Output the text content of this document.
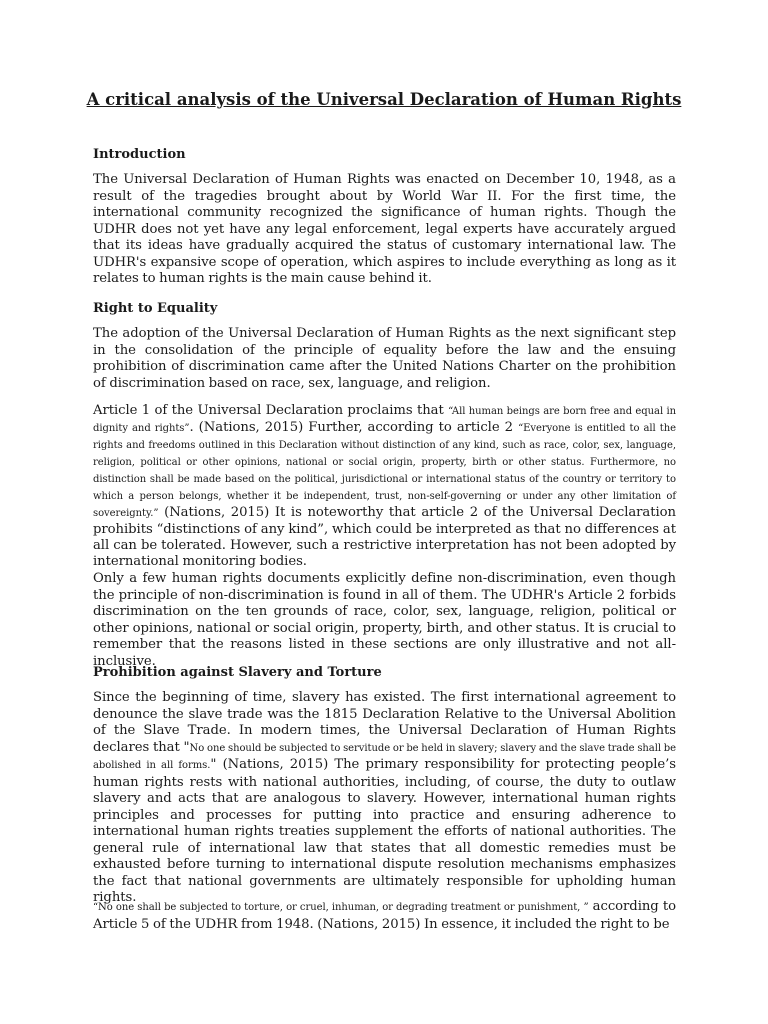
A critical analysis of the Universal Declaration of Human Rights
Introduction
The Universal Declaration of Human Rights was enacted on December 10, 1948, as a result of the tragedies brought about by World War II. For the first time, the international community recognized the significance of human rights. Though the UDHR does not yet have any legal enforcement, legal experts have accurately argued that its ideas have gradually acquired the status of customary international law. The UDHR's expansive scope of operation, which aspires to include everything as long as it relates to human rights is the main cause behind it.
Right to Equality
The adoption of the Universal Declaration of Human Rights as the next significant step in the consolidation of the principle of equality before the law and the ensuing prohibition of discrimination came after the United Nations Charter on the prohibition of discrimination based on race, sex, language, and religion.
Article 1 of the Universal Declaration proclaims that “All human beings are born free and equal in dignity and rights”. (Nations, 2015) Further, according to article 2 “Everyone is entitled to all the rights and freedoms outlined in this Declaration without distinction of any kind, such as race, color, sex, language, religion, political or other opinions, national or social origin, property, birth or other status. Furthermore, no distinction shall be made based on the political, jurisdictional or international status of the country or territory to which a person belongs, whether it be independent, trust, non-self-governing or under any other limitation of sovereignty.” (Nations, 2015) It is noteworthy that article 2 of the Universal Declaration prohibits “distinctions of any kind”, which could be interpreted as that no differences at all can be tolerated. However, such a restrictive interpretation has not been adopted by international monitoring bodies.
Only a few human rights documents explicitly define non-discrimination, even though the principle of non-discrimination is found in all of them. The UDHR's Article 2 forbids discrimination on the ten grounds of race, color, sex, language, religion, political or other opinions, national or social origin, property, birth, and other status. It is crucial to remember that the reasons listed in these sections are only illustrative and not all-inclusive.
Prohibition against Slavery and Torture
Since the beginning of time, slavery has existed. The first international agreement to denounce the slave trade was the 1815 Declaration Relative to the Universal Abolition of the Slave Trade. In modern times, the Universal Declaration of Human Rights declares that "No one should be subjected to servitude or be held in slavery; slavery and the slave trade shall be abolished in all forms." (Nations, 2015) The primary responsibility for protecting people’s human rights rests with national authorities, including, of course, the duty to outlaw slavery and acts that are analogous to slavery. However, international human rights principles and processes for putting into practice and ensuring adherence to international human rights treaties supplement the efforts of national authorities. The general rule of international law that states that all domestic remedies must be exhausted before turning to international dispute resolution mechanisms emphasizes the fact that national governments are ultimately responsible for upholding human rights.
“No one shall be subjected to torture, or cruel, inhuman, or degrading treatment or punishment, ” according to Article 5 of the UDHR from 1948. (Nations, 2015) In essence, it included the right to be
